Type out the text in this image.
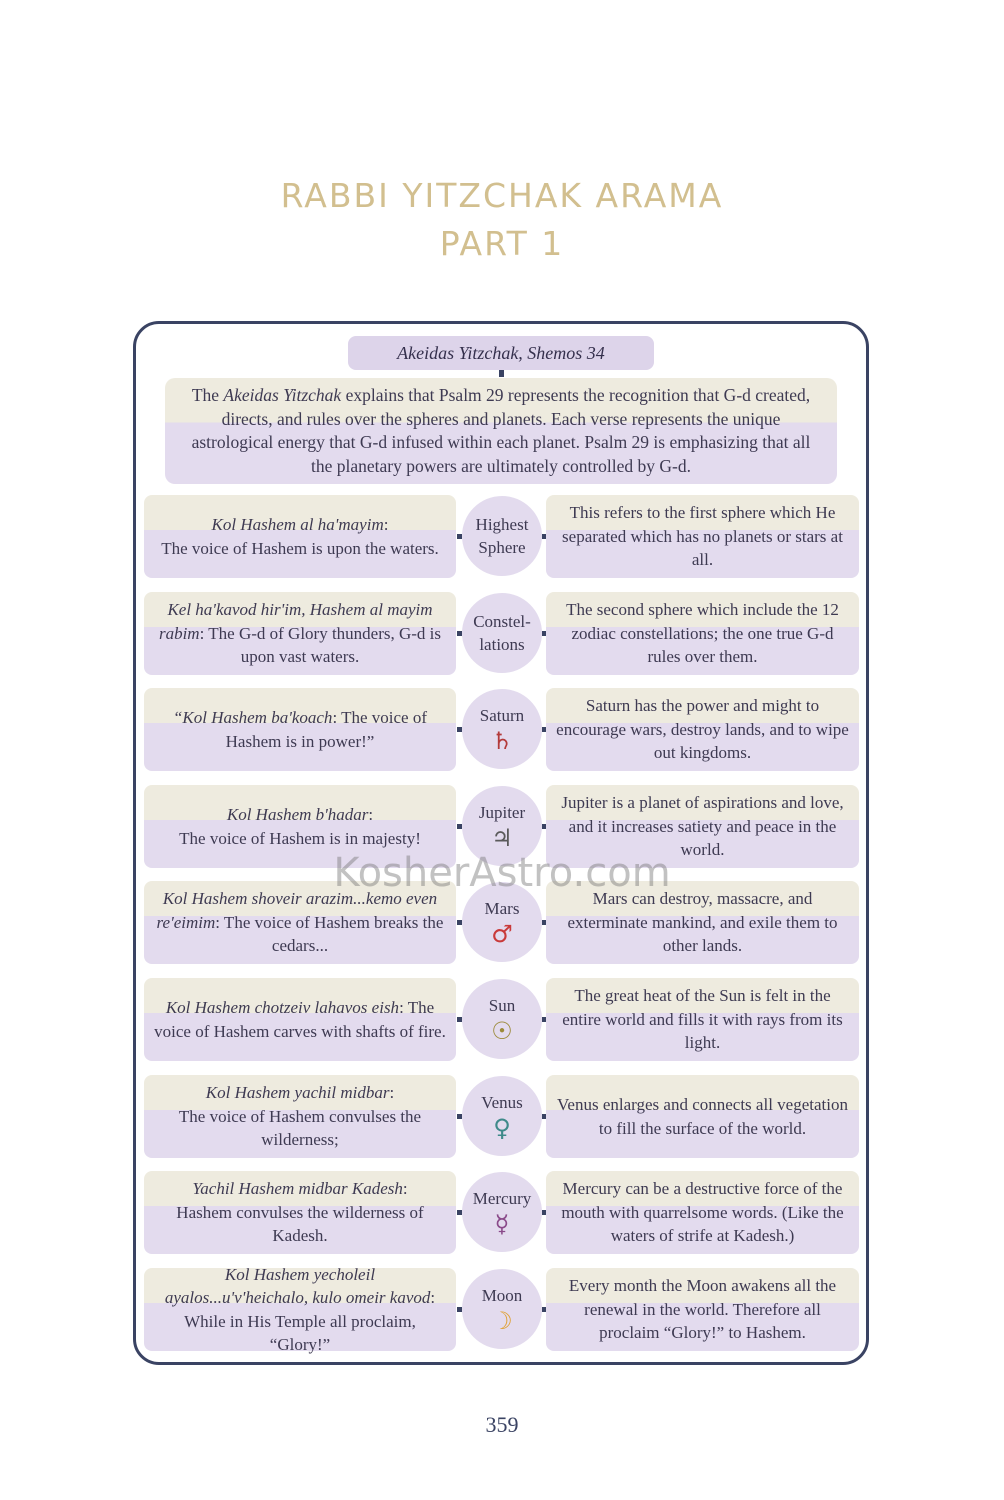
RABBI YITZCHAK ARAMA
PART 1
Akeidas Yitzchak, Shemos 34
The Akeidas Yitzchak explains that Psalm 29 represents the recognition that G-d created, directs, and rules over the spheres and planets. Each verse represents the unique astrological energy that G-d infused within each planet. Psalm 29 is emphasizing that all the planetary powers are ultimately controlled by G-d.
Kol Hashem al ha'mayim:
The voice of Hashem is upon the waters.
Highest
Sphere
This refers to the first sphere which He separated which has no planets or stars at all.
Kel ha'kavod hir'im, Hashem al mayim rabim: The G-d of Glory thunders, G-d is upon vast waters.
Constel-
lations
The second sphere which include the 12 zodiac constellations; the one true G-d rules over them.
“Kol Hashem ba'koach: The voice of Hashem is in power!”
Saturn
♄
Saturn has the power and might to encourage wars, destroy lands, and to wipe out kingdoms.
Kol Hashem b'hadar:
The voice of Hashem is in majesty!
Jupiter
♃
Jupiter is a planet of aspirations and love, and it increases satiety and peace in the world.
Kol Hashem shoveir arazim...kemo even re'eimim: The voice of Hashem breaks the cedars...
Mars
♂
Mars can destroy, massacre, and exterminate mankind, and exile them to other lands.
Kol Hashem chotzeiv lahavos eish: The voice of Hashem carves with shafts of fire.
Sun
☉
The great heat of the Sun is felt in the entire world and fills it with rays from its light.
Kol Hashem yachil midbar:
The voice of Hashem convulses the wilderness;
Venus
♀
Venus enlarges and connects all vegetation to fill the surface of the world.
Yachil Hashem midbar Kadesh:
Hashem convulses the wilderness of Kadesh.
Mercury
☿
Mercury can be a destructive force of the mouth with quarrelsome words. (Like the waters of strife at Kadesh.)
Kol Hashem yecholeil ayalos...u'v'heichalo, kulo omeir kavod: While in His Temple all proclaim, “Glory!”
Moon
☽
Every month the Moon awakens all the renewal in the world. Therefore all proclaim “Glory!” to Hashem.
KosherAstro.com
359
